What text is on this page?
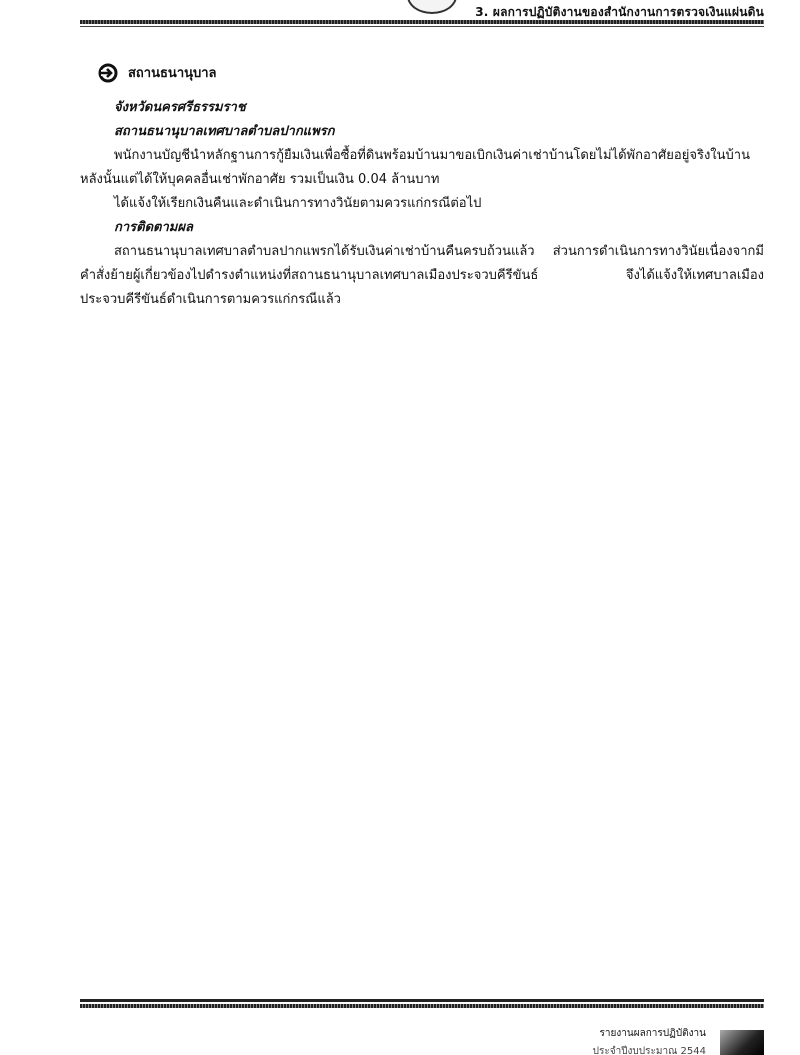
3. ผลการปฏิบัติงานของสำนักงานการตรวจเงินแผ่นดิน
สถานธนานุบาล
จังหวัดนครศรีธรรมราช
สถานธนานุบาลเทศบาลตำบลปากแพรก

พนักงานบัญชีนำหลักฐานการกู้ยืมเงินเพื่อซื้อที่ดินพร้อมบ้านมาขอเบิกเงินค่าเช่าบ้านโดยไม่ได้พักอาศัยอยู่จริงในบ้านหลังนั้นแต่ได้ให้บุคคลอื่นเช่าพักอาศัย รวมเป็นเงิน 0.04 ล้านบาท

ได้แจ้งให้เรียกเงินคืนและดำเนินการทางวินัยตามควรแก่กรณีต่อไป

การติดตามผล

สถานธนานุบาลเทศบาลตำบลปากแพรกได้รับเงินค่าเช่าบ้านคืนครบถ้วนแล้ว ส่วนการดำเนินการทางวินัยเนื่องจากมีคำสั่งย้ายผู้เกี่ยวข้องไปดำรงตำแหน่งที่สถานธนานุบาลเทศบาลเมืองประจวบคีรีขันธ์ จึงได้แจ้งให้เทศบาลเมืองประจวบคีรีขันธ์ดำเนินการตามควรแก่กรณีแล้ว

รายงานผลการปฏิบัติงาน
ประจำปีงบประมาณ 2544
